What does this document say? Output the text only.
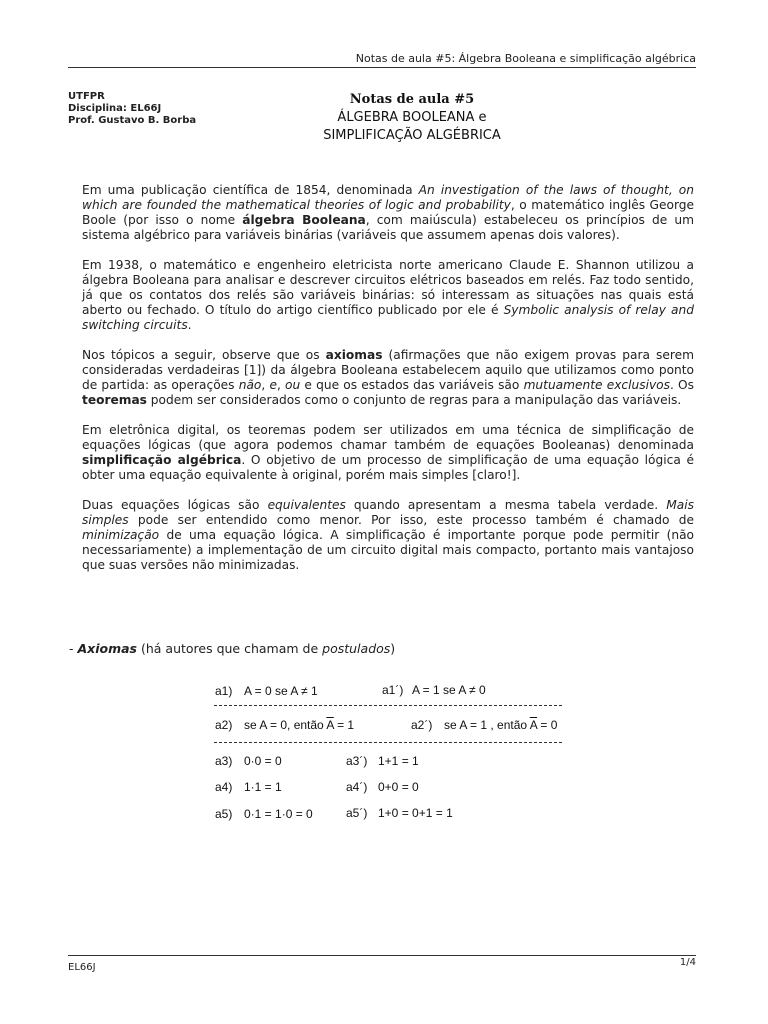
Notas de aula #5: Álgebra Booleana e simplificação algébrica
UTFPR
Disciplina: EL66J
Prof. Gustavo B. Borba
Notas de aula #5
ÁLGEBRA BOOLEANA e
SIMPLIFICAÇÃO ALGÉBRICA

Em uma publicação científica de 1854, denominada An investigation of the laws of thought, on which are founded the mathematical theories of logic and probability, o matemático inglês George Boole (por isso o nome álgebra Booleana, com maiúscula) estabeleceu os princípios de um sistema algébrico para variáveis binárias (variáveis que assumem apenas dois valores).

Em 1938, o matemático e engenheiro eletricista norte americano Claude E. Shannon utilizou a álgebra Booleana para analisar e descrever circuitos elétricos baseados em relés. Faz todo sentido, já que os contatos dos relés são variáveis binárias: só interessam as situações nas quais está aberto ou fechado. O título do artigo científico publicado por ele é Symbolic analysis of relay and switching circuits.

Nos tópicos a seguir, observe que os axiomas (afirmações que não exigem provas para serem consideradas verdadeiras [1]) da álgebra Booleana estabelecem aquilo que utilizamos como ponto de partida: as operações não, e, ou e que os estados das variáveis são mutuamente exclusivos. Os teoremas podem ser considerados como o conjunto de regras para a manipulação das variáveis.

Em eletrônica digital, os teoremas podem ser utilizados em uma técnica de simplificação de equações lógicas (que agora podemos chamar também de equações Booleanas) denominada simplificação algébrica. O objetivo de um processo de simplificação de uma equação lógica é obter uma equação equivalente à original, porém mais simples [claro!].

Duas equações lógicas são equivalentes quando apresentam a mesma tabela verdade. Mais simples pode ser entendido como menor. Por isso, este processo também é chamado de minimização de uma equação lógica. A simplificação é importante porque pode permitir (não necessariamente) a implementação de um circuito digital mais compacto, portanto mais vantajoso que suas versões não minimizadas.

- Axiomas (há autores que chamam de postulados)
a1) A = 0 se A ≠ 1	a1´) A = 1 se A ≠ 0
a2) se A = 0, então $\overline{A} = 1$	a2´) se A = 1 , então $\overline{A} = 0$
a3) 0·0 = 0	a3´) 1+1 = 1
a4) 1·1 = 1	a4´) 0+0 = 0
a5) 0·1 = 1·0 = 0	a5´) 1+0 = 0+1 = 1
EL66J	1/4
